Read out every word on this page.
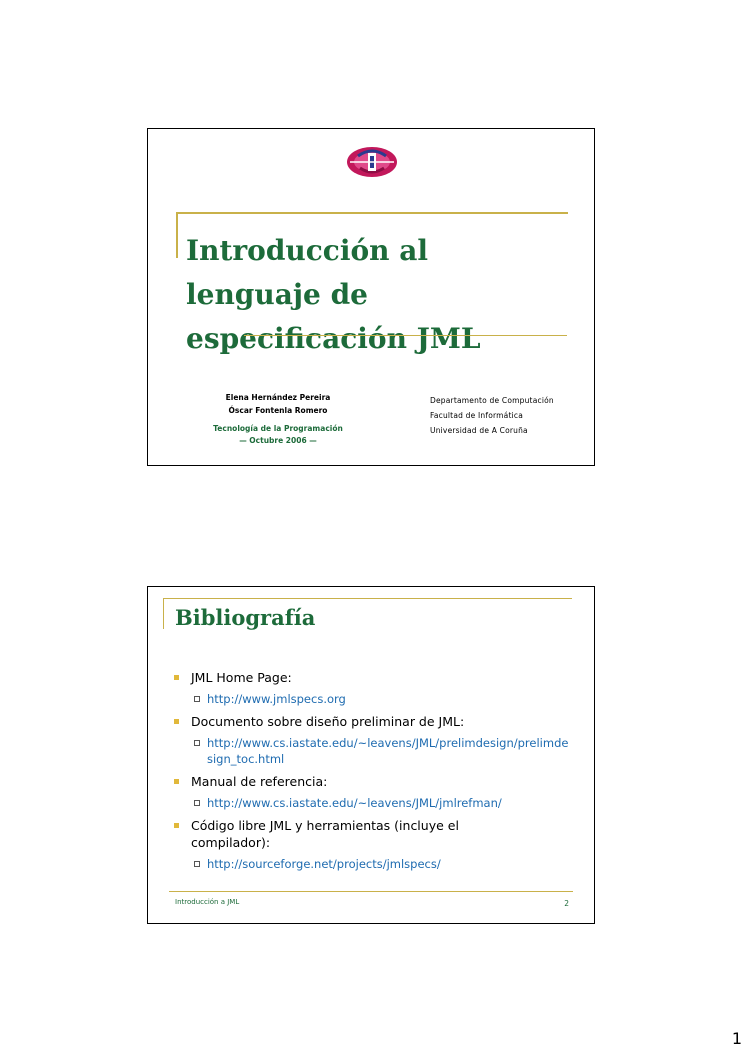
Introducción al lenguaje de especificación JML
Elena Hernández Pereira
Óscar Fontenla Romero
Tecnología de la Programación
— Octubre 2006 —
Departamento de Computación
Facultad de Informática
Universidad de A Coruña
Bibliografía
JML Home Page:
http://www.jmlspecs.org
Documento sobre diseño preliminar de JML:
http://www.cs.iastate.edu/~leavens/JML/prelimdesign/prelimdesign_toc.html
Manual de referencia:
http://www.cs.iastate.edu/~leavens/JML/jmlrefman/
Código libre JML y herramientas (incluye el compilador):
http://sourceforge.net/projects/jmlspecs/
Introducción a JML	2
1
